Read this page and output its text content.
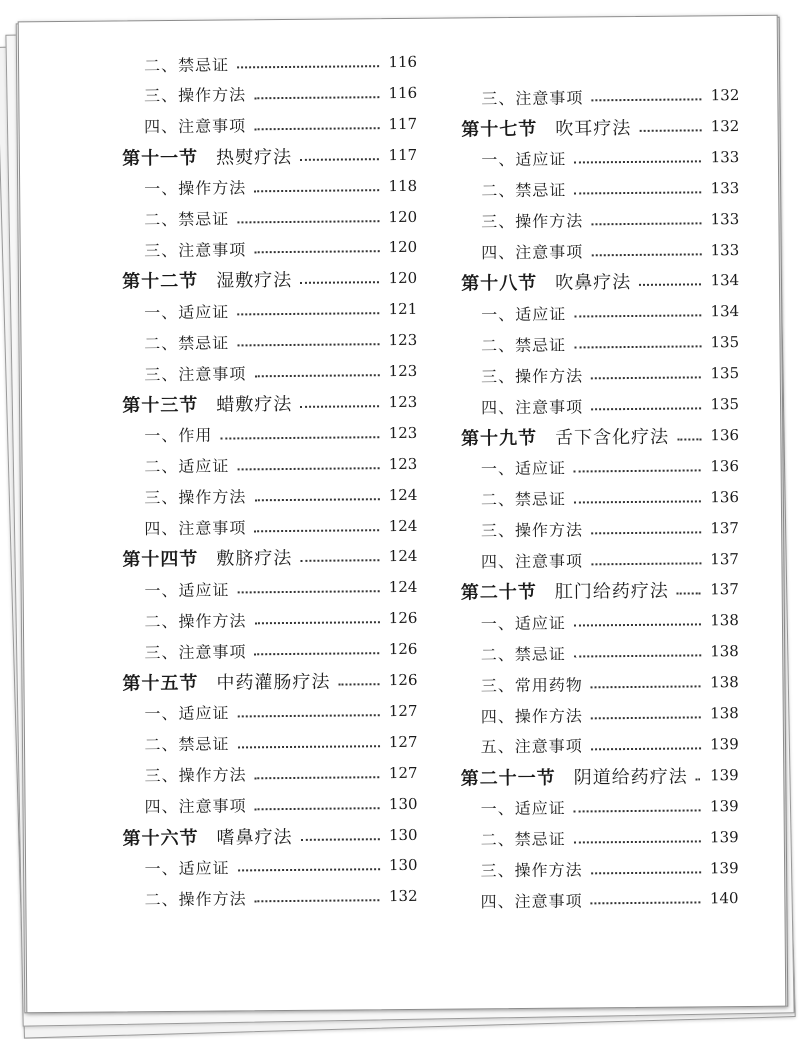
二、禁忌证	116
三、操作方法	116
四、注意事项	117
第十一节 热熨疗法	117
一、操作方法	118
二、禁忌证	120
三、注意事项	120
第十二节 湿敷疗法	120
一、适应证	121
二、禁忌证	123
三、注意事项	123
第十三节 蜡敷疗法	123
一、作用	123
二、适应证	123
三、操作方法	124
四、注意事项	124
第十四节 敷脐疗法	124
一、适应证	124
二、操作方法	126
三、注意事项	126
第十五节 中药灌肠疗法	126
一、适应证	127
二、禁忌证	127
三、操作方法	127
四、注意事项	130
第十六节 嗜鼻疗法	130
一、适应证	130
二、操作方法	132
三、注意事项	132
第十七节 吹耳疗法	132
一、适应证	133
二、禁忌证	133
三、操作方法	133
四、注意事项	133
第十八节 吹鼻疗法	134
一、适应证	134
二、禁忌证	135
三、操作方法	135
四、注意事项	135
第十九节 舌下含化疗法	136
一、适应证	136
二、禁忌证	136
三、操作方法	137
四、注意事项	137
第二十节 肛门给药疗法	137
一、适应证	138
二、禁忌证	138
三、常用药物	138
四、操作方法	138
五、注意事项	139
第二十一节 阴道给药疗法 139
一、适应证	139
二、禁忌证	139
三、操作方法	139
四、注意事项	140
